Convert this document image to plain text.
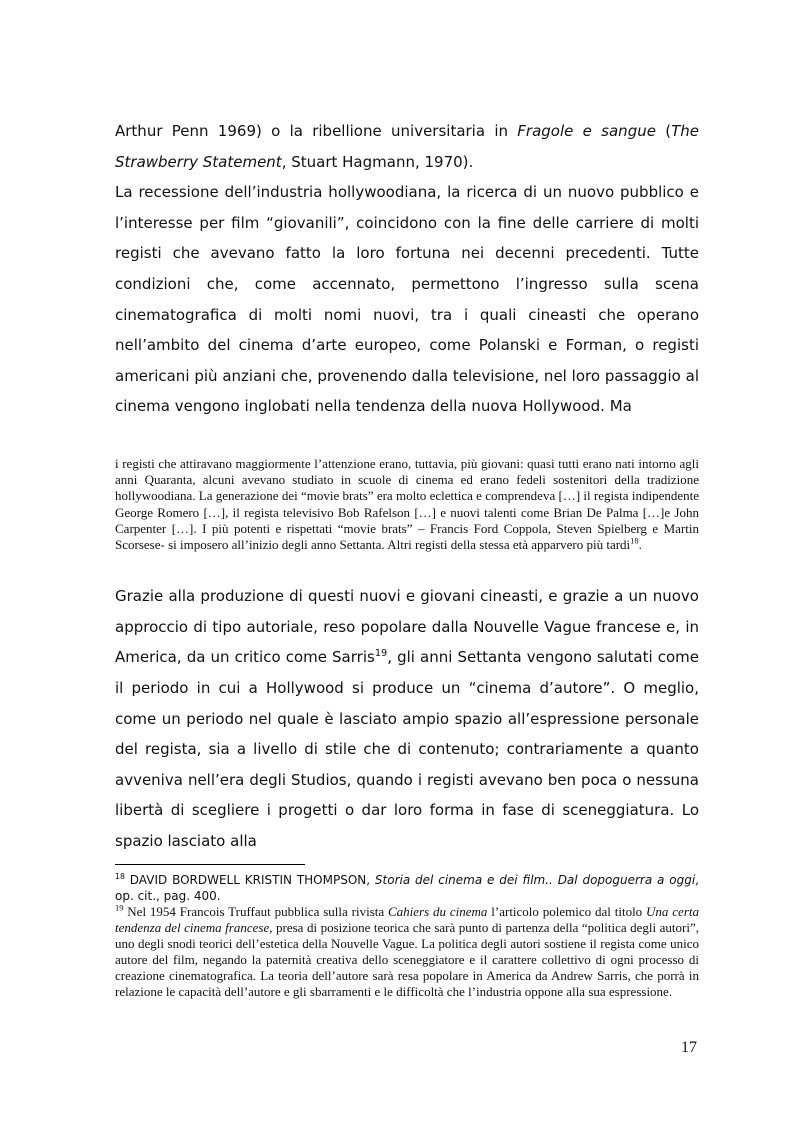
Arthur Penn 1969) o la ribellione universitaria in Fragole e sangue (The Strawberry Statement, Stuart Hagmann, 1970).
La recessione dell’industria hollywoodiana, la ricerca di un nuovo pubblico e l’interesse per film “giovanili”, coincidono con la fine delle carriere di molti registi che avevano fatto la loro fortuna nei decenni precedenti. Tutte condizioni che, come accennato, permettono l’ingresso sulla scena cinematografica di molti nomi nuovi, tra i quali cineasti che operano nell’ambito del cinema d’arte europeo, come Polanski e Forman, o registi americani più anziani che, provenendo dalla televisione, nel loro passaggio al cinema vengono inglobati nella tendenza della nuova Hollywood. Ma

i registi che attiravano maggiormente l’attenzione erano, tuttavia, più giovani: quasi tutti erano nati intorno agli anni Quaranta, alcuni avevano studiato in scuole di cinema ed erano fedeli sostenitori della tradizione hollywoodiana. La generazione dei “movie brats” era molto eclettica e comprendeva […] il regista indipendente George Romero […], il regista televisivo Bob Rafelson […] e nuovi talenti come Brian De Palma […]e John Carpenter […]. I più potenti e rispettati “movie brats” – Francis Ford Coppola, Steven Spielberg e Martin Scorsese- si imposero all’inizio degli anno Settanta. Altri registi della stessa età apparvero più tardi$^{18}$.

Grazie alla produzione di questi nuovi e giovani cineasti, e grazie a un nuovo approccio di tipo autoriale, reso popolare dalla Nouvelle Vague francese e, in America, da un critico come Sarris$^{19}$, gli anni Settanta vengono salutati come il periodo in cui a Hollywood si produce un “cinema d’autore”. O meglio, come un periodo nel quale è lasciato ampio spazio all’espressione personale del regista, sia a livello di stile che di contenuto; contrariamente a quanto avveniva nell’era degli Studios, quando i registi avevano ben poca o nessuna libertà di scegliere i progetti o dar loro forma in fase di sceneggiatura. Lo spazio lasciato alla

$^{18}$ DAVID BORDWELL KRISTIN THOMPSON, Storia del cinema e dei film.. Dal dopoguerra a oggi, op. cit., pag. 400.

$^{19}$ Nel 1954 Francois Truffaut pubblica sulla rivista Cahiers du cinema l’articolo polemico dal titolo Una certa tendenza del cinema francese, presa di posizione teorica che sarà punto di partenza della “politica degli autori”, uno degli snodi teorici dell’estetica della Nouvelle Vague. La politica degli autori sostiene il regista come unico autore del film, negando la paternità creativa dello sceneggiatore e il carattere collettivo di ogni processo di creazione cinematografica. La teoria dell’autore sarà resa popolare in America da Andrew Sarris, che porrà in relazione le capacità dell’autore e gli sbarramenti e le difficoltà che l’industria oppone alla sua espressione.

17
